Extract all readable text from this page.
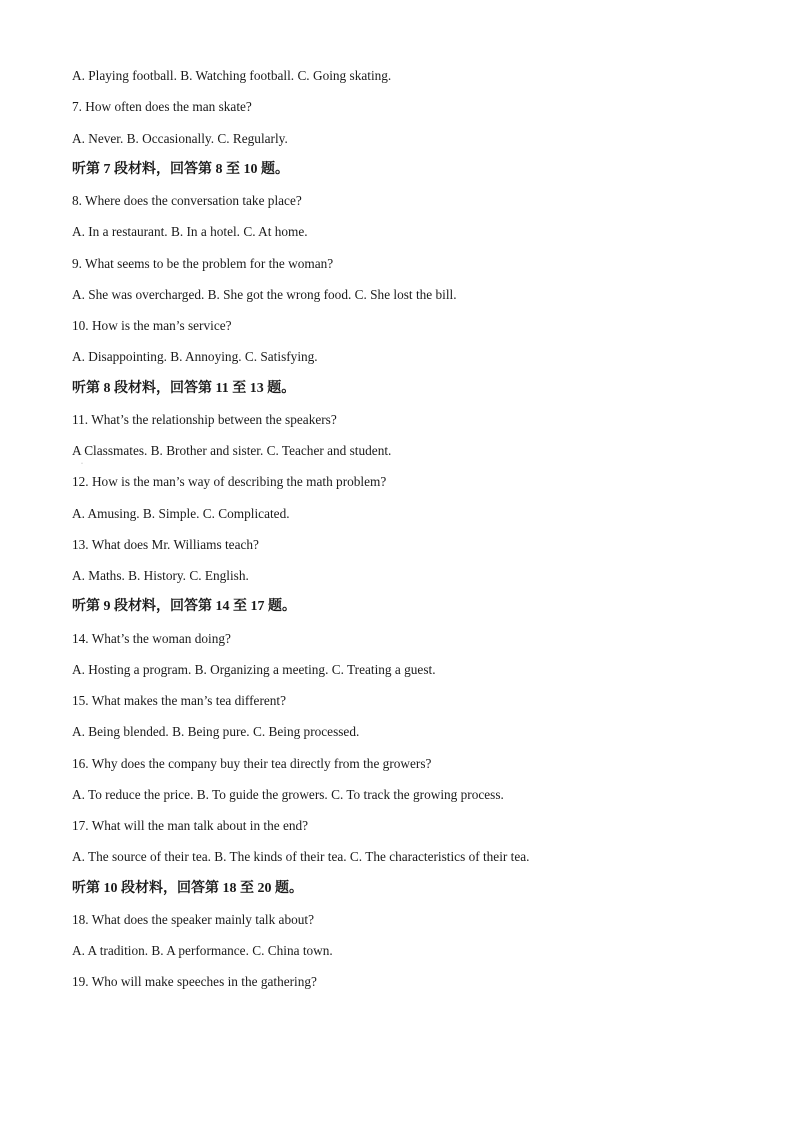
A. Playing football. B. Watching football. C. Going skating.
7. How often does the man skate?
A. Never. B. Occasionally. C. Regularly.
听第 7 段材料，回答第 8 至 10 题。
8. Where does the conversation take place?
A. In a restaurant. B. In a hotel. C. At home.
9. What seems to be the problem for the woman?
A. She was overcharged. B. She got the wrong food. C. She lost the bill.
10. How is the man’s service?
A. Disappointing. B. Annoying. C. Satisfying.
听第 8 段材料，回答第 11 至 13 题。
11. What’s the relationship between the speakers?
A Classmates. B. Brother and sister. C. Teacher and student.
12. How is the man’s way of describing the math problem?
A. Amusing. B. Simple. C. Complicated.
13. What does Mr. Williams teach?
A. Maths. B. History. C. English.
听第 9 段材料，回答第 14 至 17 题。
14. What’s the woman doing?
A. Hosting a program. B. Organizing a meeting. C. Treating a guest.
15. What makes the man’s tea different?
A. Being blended. B. Being pure. C. Being processed.
16. Why does the company buy their tea directly from the growers?
A. To reduce the price. B. To guide the growers. C. To track the growing process.
17. What will the man talk about in the end?
A. The source of their tea. B. The kinds of their tea. C. The characteristics of their tea.
听第 10 段材料，回答第 18 至 20 题。
18. What does the speaker mainly talk about?
A. A tradition. B. A performance. C. China town.
19. Who will make speeches in the gathering?
·
